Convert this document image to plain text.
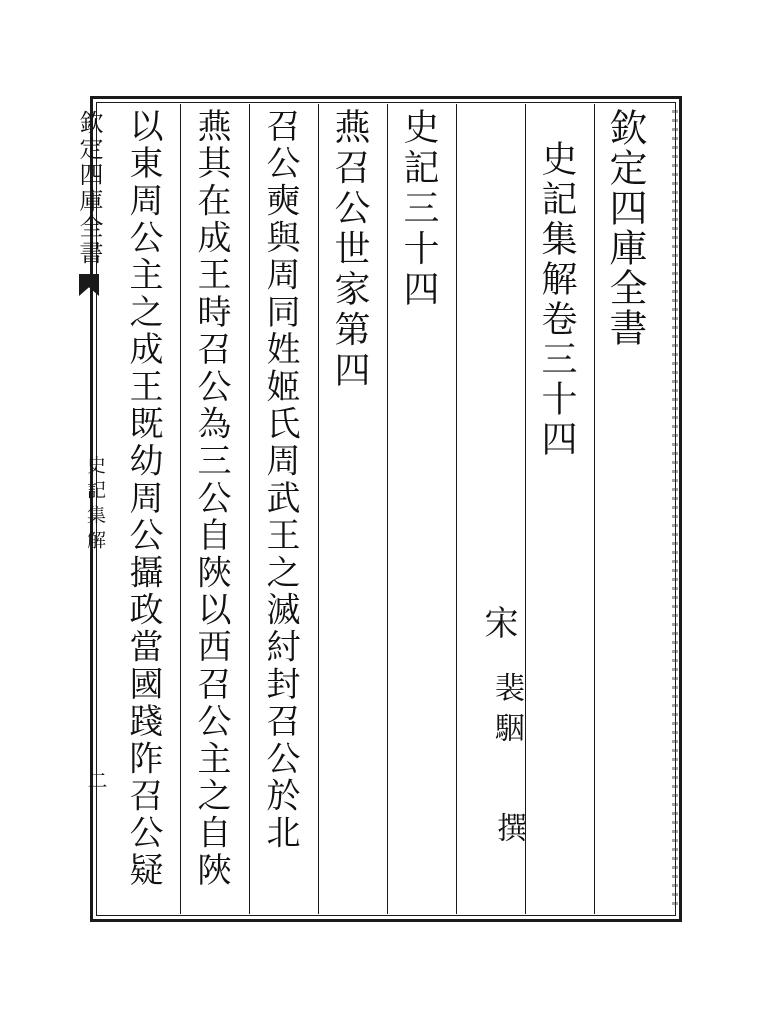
欽定四庫全書
史記集解
二
欽定四庫全書
史記集解卷三十四
宋
裴駰
撰
史記三十四
燕召公世家第四
召公奭與周同姓姬氏周武王之滅紂封召公於北
燕其在成王時召公為三公自陜以西召公主之自陜
以東周公主之成王既幼周公攝政當國踐阼召公疑
